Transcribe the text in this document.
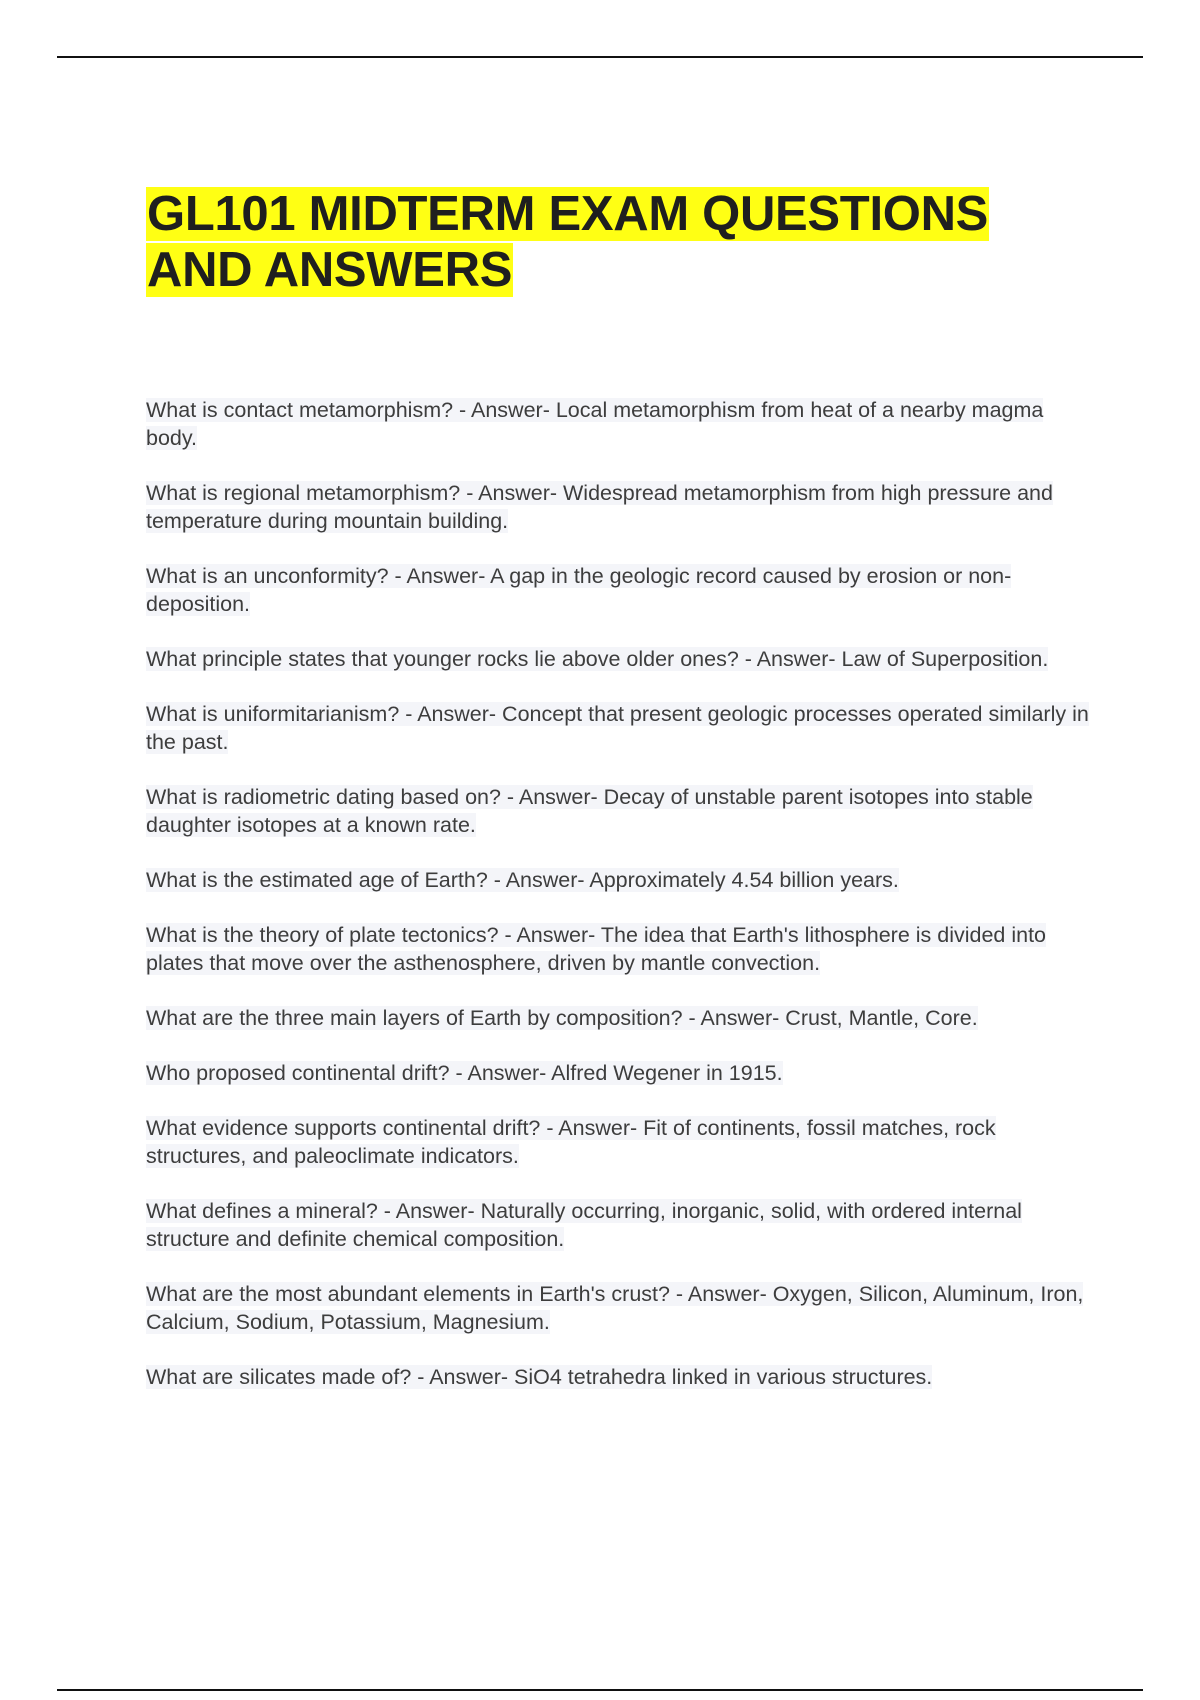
GL101 MIDTERM EXAM QUESTIONS AND ANSWERS
What is contact metamorphism? - Answer- Local metamorphism from heat of a nearby magma body.
What is regional metamorphism? - Answer- Widespread metamorphism from high pressure and temperature during mountain building.
What is an unconformity? - Answer- A gap in the geologic record caused by erosion or non-deposition.
What principle states that younger rocks lie above older ones? - Answer- Law of Superposition.
What is uniformitarianism? - Answer- Concept that present geologic processes operated similarly in the past.
What is radiometric dating based on? - Answer- Decay of unstable parent isotopes into stable daughter isotopes at a known rate.
What is the estimated age of Earth? - Answer- Approximately 4.54 billion years.
What is the theory of plate tectonics? - Answer- The idea that Earth's lithosphere is divided into plates that move over the asthenosphere, driven by mantle convection.
What are the three main layers of Earth by composition? - Answer- Crust, Mantle, Core.
Who proposed continental drift? - Answer- Alfred Wegener in 1915.
What evidence supports continental drift? - Answer- Fit of continents, fossil matches, rock structures, and paleoclimate indicators.
What defines a mineral? - Answer- Naturally occurring, inorganic, solid, with ordered internal structure and definite chemical composition.
What are the most abundant elements in Earth's crust? - Answer- Oxygen, Silicon, Aluminum, Iron, Calcium, Sodium, Potassium, Magnesium.
What are silicates made of? - Answer- SiO4 tetrahedra linked in various structures.
